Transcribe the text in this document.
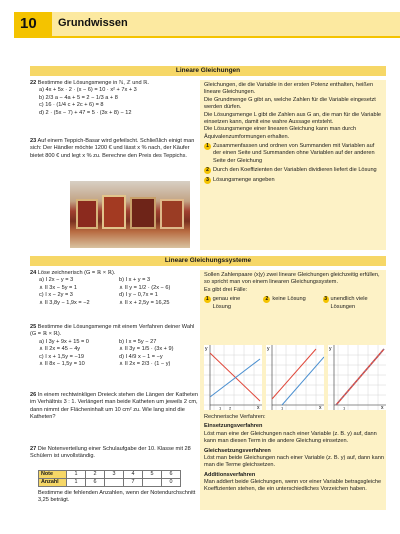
10	Grundwissen
Lineare Gleichungen

22 Bestimme die Lösungsmenge in ℕ, ℤ und ℝ.

a) 4x + 5x · 2 · (x − 6) = 10 · x² + 7x + 3

b) 2/3 a − 4a + 5 = 2 − 1/3 a + 8

c) 16 · (1/4 c + 2c + 6) = 8

d) 2 · (5x − 7) + 47 = 5 · (3x + 8) − 12

23 Auf einem Teppich-Basar wird gefeilscht. Schließlich einigt man sich: Der Händler möchte 1200 € und lässt x % nach, der Käufer bietet 800 € und legt x % zu. Berechne den Preis des Teppichs.

Gleichungen, die die Variable in der ersten Potenz enthalten, heißen lineare Gleichungen.

Die Grundmenge G gibt an, welche Zahlen für die Variable eingesetzt werden dürfen.

Die Lösungsmenge L gibt die Zahlen aus G an, die man für die Variable einsetzen kann, damit eine wahre Aussage entsteht.

Die Lösungsmenge einer linearen Gleichung kann man durch Äquivalenzumformungen erhalten.

1 Zusammenfassen und ordnen von Summanden mit Variablen auf der einen Seite und Summanden ohne Variablen auf der anderen Seite der Gleichung

2 Durch den Koeffizienten der Variablen dividieren liefert die Lösung

3 Lösungsmenge angeben

Lineare Gleichungssysteme

24 Löse zeichnerisch (G = ℝ × ℝ).

a) I 2x − y = 3	b) I x + y = 3

∧ II 3x − 5y = 1	∧ II y = 1/2 · (2x − 6)

c) I x − 2y = 3	d) I y − 0,7x = 1

∧ II 3,8y − 1,9x = −2	∧ II x + 2,5y = 16,25

25 Bestimme die Lösungsmenge mit einem Verfahren deiner Wahl (G = ℝ × ℝ).

a) I 3y + 9x + 15 = 0	b) I x = 5y − 27

∧ II 2x = 45 − 4y	∧ II 3y = 1/5 · (3x + 9)

c) I x + 1,5y = −19	d) I 4/9 x − 1 = −y

∧ II 8x − 1,5y = 10	∧ II 2x = 2/3 · (1 − y)

26 In einem rechtwinkligen Dreieck stehen die Längen der Katheten im Verhältnis 3 : 1. Verlängert man beide Katheten um jeweils 2 cm, dann nimmt der Flächeninhalt um 10 cm² zu. Wie lang sind die Katheten?

27 Die Notenverteilung einer Schulaufgabe der 10. Klasse mit 28 Schülern ist unvollständig.

Note	1	2	3	4	5	6
Anzahl	1	6		7		0

Bestimme die fehlenden Anzahlen, wenn der Notendurchschnitt 3,25 beträgt.

Sollen Zahlenpaare (x|y) zwei lineare Gleichungen gleichzeitig erfüllen, so spricht man von einem linearen Gleichungssystem.

Es gibt drei Fälle:

1 genau eine Lösung

2 keine Lösung	3 unendlich viele Lösungen

y
x
1 2
y
x
1
y
x
1

Rechnerische Verfahren:

Einsetzungsverfahren

Löst man eine der Gleichungen nach einer Variable (z. B. y) auf, dann kann man diesen Term in die andere Gleichung einsetzen.

Gleichsetzungsverfahren

Löst man beide Gleichungen nach einer Variable (z. B. y) auf, dann kann man die Terme gleichsetzen.

Additionsverfahren

Man addiert beide Gleichungen, wenn vor einer Variable betragsgleiche Koeffizienten stehen, die ein unterschiedliches Vorzeichen haben.
